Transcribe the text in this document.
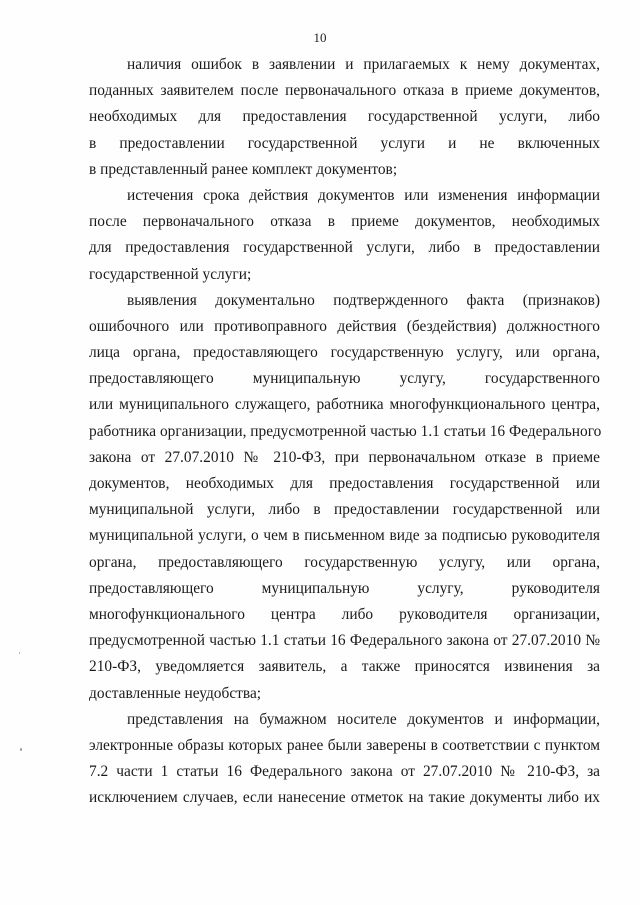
10
наличия ошибок в заявлении и прилагаемых к нему документах,
поданных заявителем после первоначального отказа в приеме документов,
необходимых для предоставления государственной услуги, либо
в предоставлении государственной услуги и не включенных
в представленный ранее комплект документов;
истечения срока действия документов или изменения информации
после первоначального отказа в приеме документов, необходимых
для предоставления государственной услуги, либо в предоставлении
государственной услуги;
выявления документально подтвержденного факта (признаков)
ошибочного или противоправного действия (бездействия) должностного
лица органа, предоставляющего государственную услугу, или органа,
предоставляющего муниципальную услугу, государственного
или муниципального служащего, работника многофункционального центра,
работника организации, предусмотренной частью 1.1 статьи 16 Федерального
закона от 27.07.2010 № 210-ФЗ, при первоначальном отказе в приеме
документов, необходимых для предоставления государственной или
муниципальной услуги, либо в предоставлении государственной или
муниципальной услуги, о чем в письменном виде за подписью руководителя
органа, предоставляющего государственную услугу, или органа,
предоставляющего муниципальную услугу, руководителя
многофункционального центра либо руководителя организации,
предусмотренной частью 1.1 статьи 16 Федерального закона от 27.07.2010 №
210-ФЗ, уведомляется заявитель, а также приносятся извинения за
доставленные неудобства;
представления на бумажном носителе документов и информации,
электронные образы которых ранее были заверены в соответствии с пунктом
7.2 части 1 статьи 16 Федерального закона от 27.07.2010 № 210-ФЗ, за
исключением случаев, если нанесение отметок на такие документы либо их
